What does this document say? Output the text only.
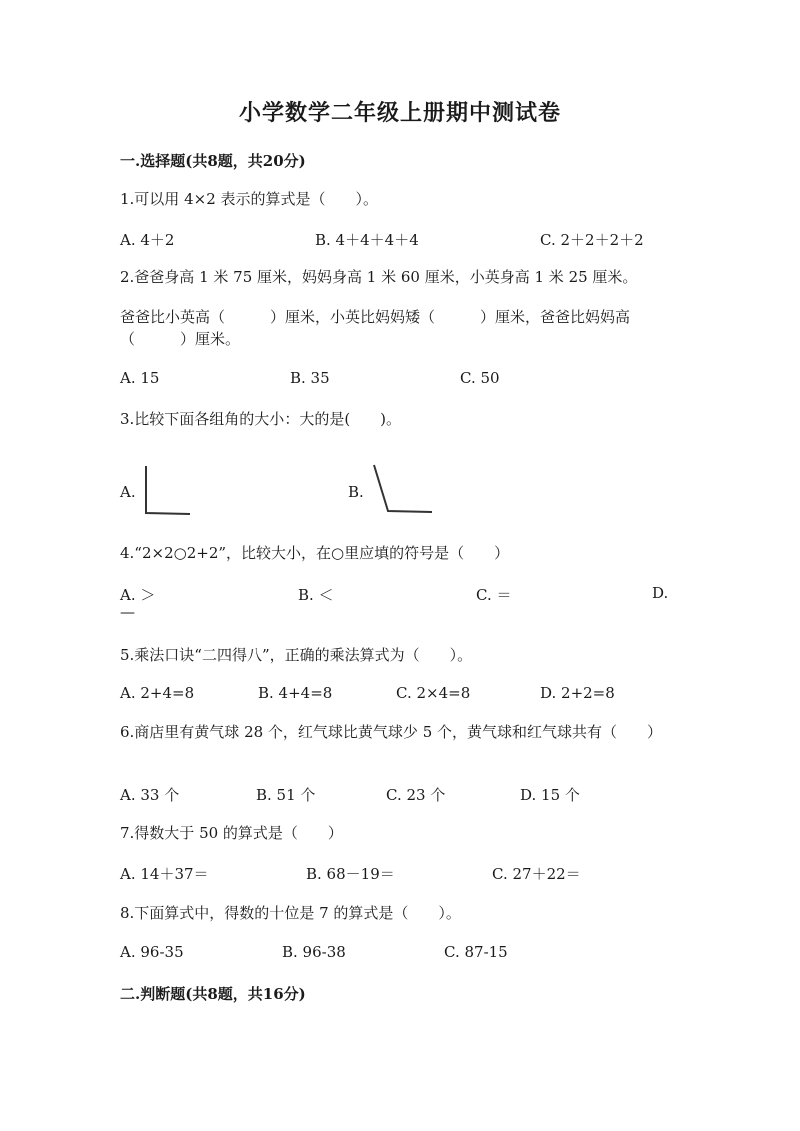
小学数学二年级上册期中测试卷
一.选择题(共8题，共20分)
1.可以用 4×2 表示的算式是（　　）。
A. 4＋2	B. 4＋4＋4＋4	C. 2＋2＋2＋2
2.爸爸身高 1 米 75 厘米，妈妈身高 1 米 60 厘米，小英身高 1 米 25 厘米。
爸爸比小英高（　　　）厘米，小英比妈妈矮（　　　）厘米，爸爸比妈妈高（　　　）厘米。
A. 15	B. 35	C. 50
3.比较下面各组角的大小：大的是(　　)。
A.	B.
4.“2×2○2+2”，比较大小，在○里应填的符号是（　　）
A. ＞	B. ＜	C. ＝	D.
—
5.乘法口诀“二四得八”，正确的乘法算式为（　　）。
A. 2+4=8	B. 4+4=8	C. 2×4=8	D. 2+2=8
6.商店里有黄气球 28 个，红气球比黄气球少 5 个，黄气球和红气球共有（　　）
A. 33 个	B. 51 个	C. 23 个	D. 15 个
7.得数大于 50 的算式是（　　）
A. 14＋37＝	B. 68－19＝	C. 27＋22＝
8.下面算式中，得数的十位是 7 的算式是（　　）。
A. 96-35	B. 96-38	C. 87-15
二.判断题(共8题，共16分)
